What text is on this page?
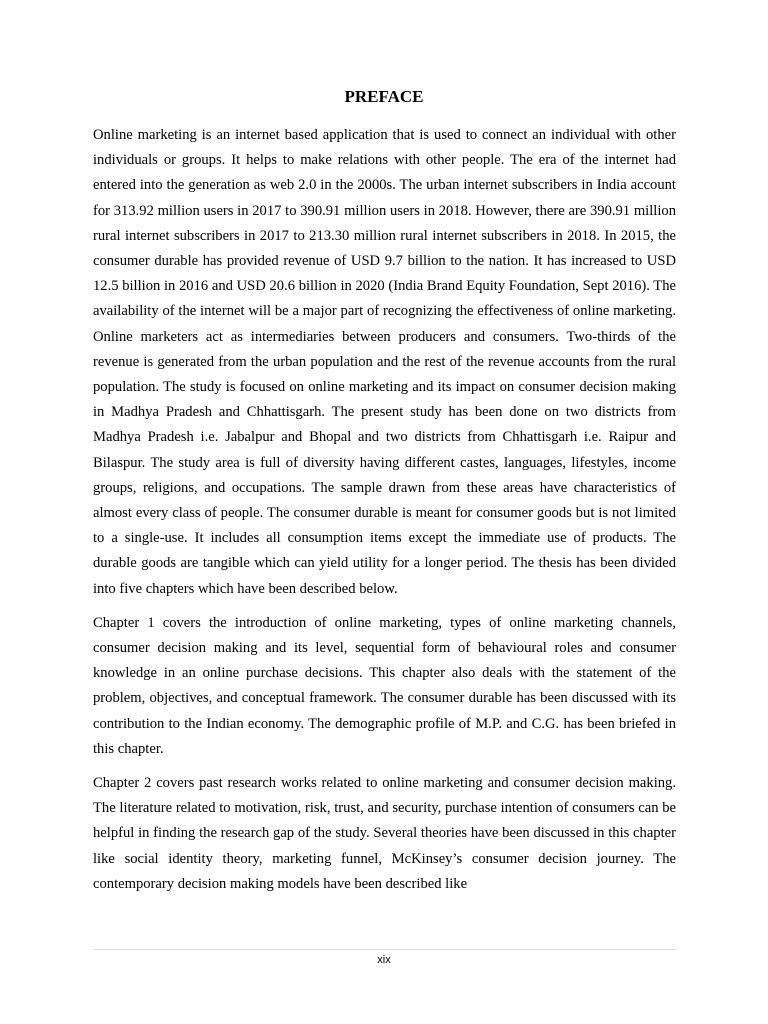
PREFACE

Online marketing is an internet based application that is used to connect an individual with other individuals or groups. It helps to make relations with other people. The era of the internet had entered into the generation as web 2.0 in the 2000s. The urban internet subscribers in India account for 313.92 million users in 2017 to 390.91 million users in 2018. However, there are 390.91 million rural internet subscribers in 2017 to 213.30 million rural internet subscribers in 2018. In 2015, the consumer durable has provided revenue of USD 9.7 billion to the nation. It has increased to USD 12.5 billion in 2016 and USD 20.6 billion in 2020 (India Brand Equity Foundation, Sept 2016). The availability of the internet will be a major part of recognizing the effectiveness of online marketing. Online marketers act as intermediaries between producers and consumers. Two-thirds of the revenue is generated from the urban population and the rest of the revenue accounts from the rural population. The study is focused on online marketing and its impact on consumer decision making in Madhya Pradesh and Chhattisgarh. The present study has been done on two districts from Madhya Pradesh i.e. Jabalpur and Bhopal and two districts from Chhattisgarh i.e. Raipur and Bilaspur. The study area is full of diversity having different castes, languages, lifestyles, income groups, religions, and occupations. The sample drawn from these areas have characteristics of almost every class of people. The consumer durable is meant for consumer goods but is not limited to a single-use. It includes all consumption items except the immediate use of products. The durable goods are tangible which can yield utility for a longer period. The thesis has been divided into five chapters which have been described below.

Chapter 1 covers the introduction of online marketing, types of online marketing channels, consumer decision making and its level, sequential form of behavioural roles and consumer knowledge in an online purchase decisions. This chapter also deals with the statement of the problem, objectives, and conceptual framework. The consumer durable has been discussed with its contribution to the Indian economy. The demographic profile of M.P. and C.G. has been briefed in this chapter.

Chapter 2 covers past research works related to online marketing and consumer decision making. The literature related to motivation, risk, trust, and security, purchase intention of consumers can be helpful in finding the research gap of the study. Several theories have been discussed in this chapter like social identity theory, marketing funnel, McKinsey’s consumer decision journey. The contemporary decision making models have been described like

xix
